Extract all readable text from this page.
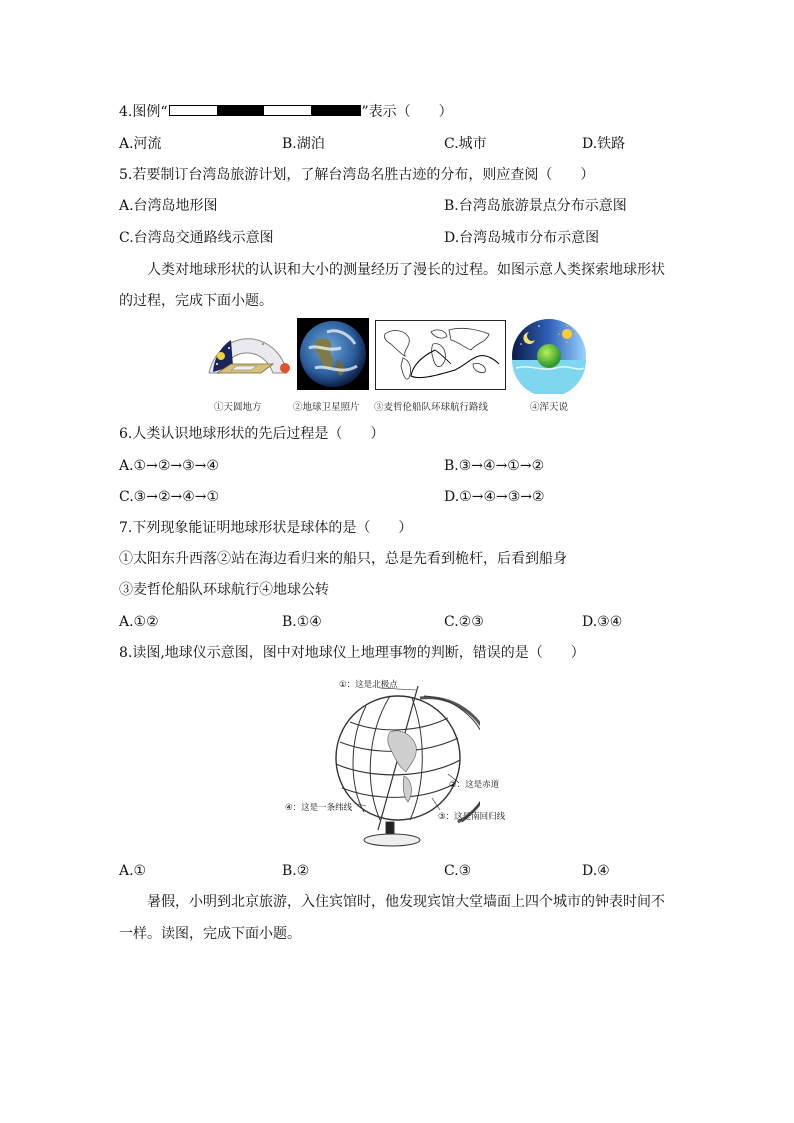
4.图例“	”表示（　　）
A.河流	B.湖泊	C.城市	D.铁路
5.若要制订台湾岛旅游计划，了解台湾岛名胜古迹的分布，则应查阅（　　）
A.台湾岛地形图	B.台湾岛旅游景点分布示意图
C.台湾岛交通路线示意图	D.台湾岛城市分布示意图
人类对地球形状的认识和大小的测量经历了漫长的过程。如图示意人类探索地球形状
的过程，完成下面小题。
①天圆地方	②地球卫星照片 ③麦哲伦船队环球航行路线	④浑天说
6.人类认识地球形状的先后过程是（　　）
A.①→②→③→④	B.③→④→①→②
C.③→②→④→①	D.①→④→③→②
7.下列现象能证明地球形状是球体的是（　　）
①太阳东升西落②站在海边看归来的船只，总是先看到桅杆，后看到船身
③麦哲伦船队环球航行④地球公转
A.①②	B.①④	C.②③	D.③④
8.读图,地球仪示意图，图中对地球仪上地理事物的判断，错误的是（　　）
①：这是北极点
②：这是赤道
③：这是南回归线
④：这是一条纬线
A.①	B.②	C.③	D.④
暑假，小明到北京旅游，入住宾馆时，他发现宾馆大堂墙面上四个城市的钟表时间不
一样。读图，完成下面小题。
